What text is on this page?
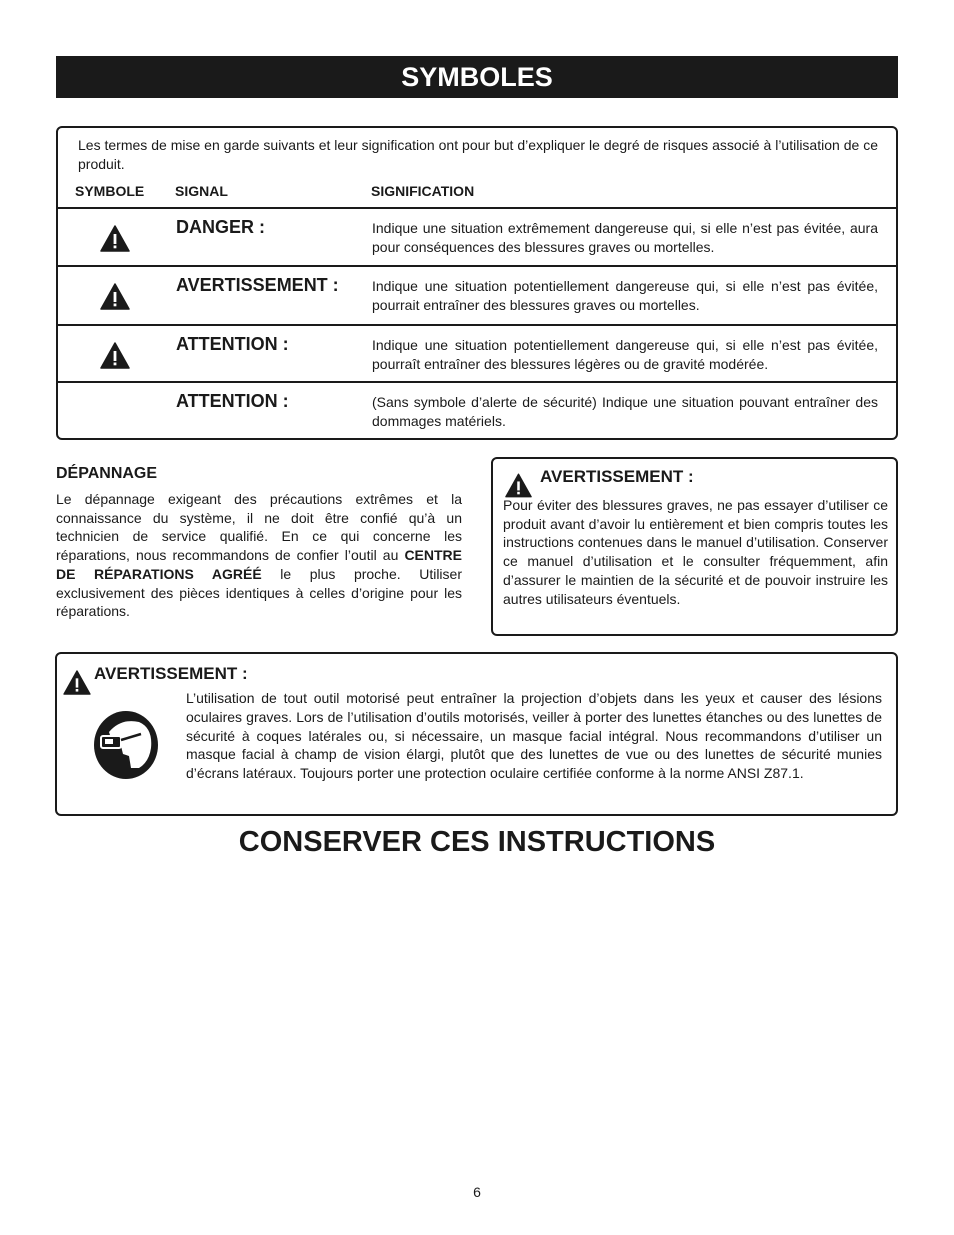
SYMBOLES
Les termes de mise en garde suivants et leur signification ont pour but d’expliquer le degré de risques associé à l’utilisation de ce produit.
SYMBOLE SIGNAL	SIGNIFICATION
DANGER :	Indique une situation extrêmement dangereuse qui, si elle n’est pas évitée, aura pour conséquences des blessures graves ou mortelles.
AVERTISSEMENT : Indique une situation potentiellement dangereuse qui, si elle n’est pas évitée, pourrait entraîner des blessures graves ou mortelles.
ATTENTION :	Indique une situation potentiellement dangereuse qui, si elle n’est pas évitée, pourraît entraîner des blessures légères ou de gravité modérée.
ATTENTION :	(Sans symbole d’alerte de sécurité) Indique une situation pouvant entraîner des dommages matériels.
DÉPANNAGE
Le dépannage exigeant des précautions extrêmes et la connaissance du système, il ne doit être confié qu’à un technicien de service qualifié. En ce qui concerne les réparations, nous recommandons de confier l’outil au CENTRE DE RÉPARATIONS AGRÉÉ le plus proche. Utiliser exclusivement des pièces identiques à celles d’origine pour les réparations.
AVERTISSEMENT :
Pour éviter des blessures graves, ne pas essayer d’utiliser ce produit avant d’avoir lu entièrement et bien compris toutes les instructions contenues dans le manuel d’utilisation. Conserver ce manuel d’utilisation et le consulter fréquemment, afin d’assurer le maintien de la sécurité et de pouvoir instruire les autres utilisateurs éventuels.
AVERTISSEMENT :
L’utilisation de tout outil motorisé peut entraîner la projection d’objets dans les yeux et causer des lésions oculaires graves. Lors de l’utilisation d’outils motorisés, veiller à porter des lunettes étanches ou des lunettes de sécurité à coques latérales ou, si nécessaire, un masque facial intégral. Nous recommandons d’utiliser un masque facial à champ de vision élargi, plutôt que des lunettes de vue ou des lunettes de sécurité munies d’écrans latéraux. Toujours porter une protection oculaire certifiée conforme à la norme ANSI Z87.1.
CONSERVER CES INSTRUCTIONS
6
